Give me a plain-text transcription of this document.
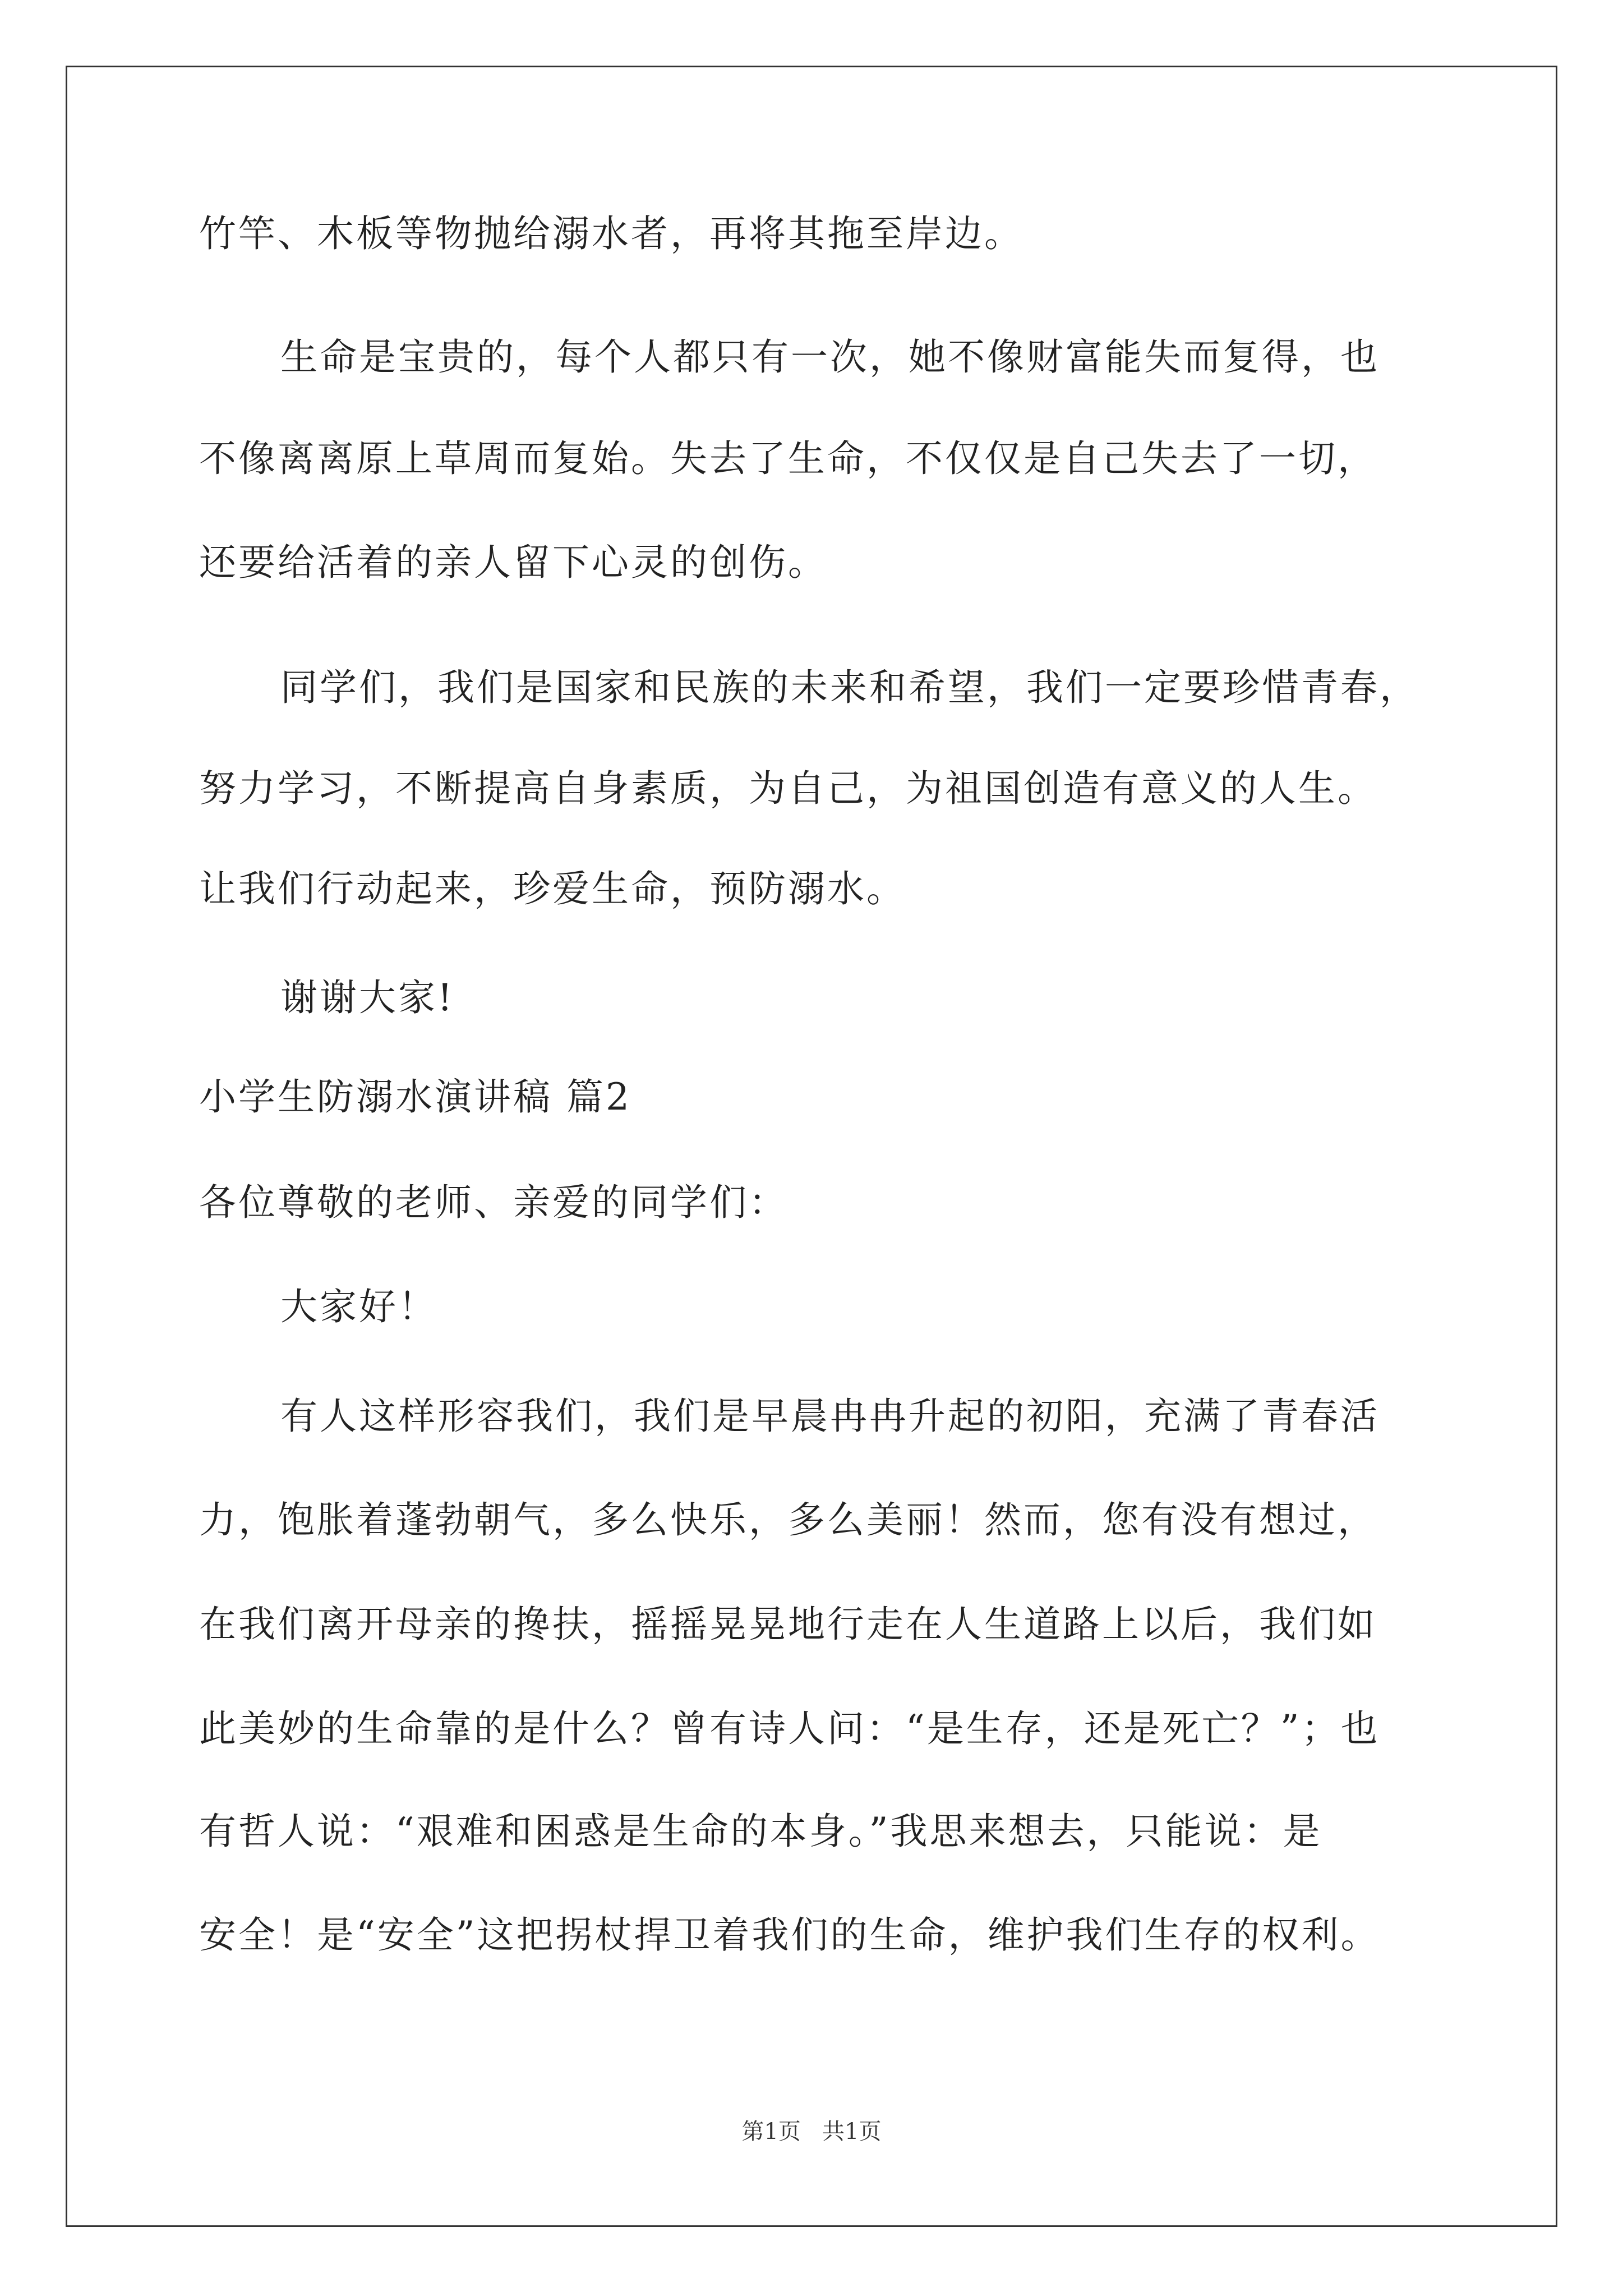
竹竿、木板等物抛给溺水者，再将其拖至岸边。
生命是宝贵的，每个人都只有一次，她不像财富能失而复得，也
不像离离原上草周而复始。失去了生命，不仅仅是自己失去了一切，
还要给活着的亲人留下心灵的创伤。
同学们，我们是国家和民族的未来和希望，我们一定要珍惜青春，
努力学习，不断提高自身素质，为自己，为祖国创造有意义的人生。
让我们行动起来，珍爱生命，预防溺水。
谢谢大家!
小学生防溺水演讲稿 篇2
各位尊敬的老师、亲爱的同学们：
大家好！
有人这样形容我们，我们是早晨冉冉升起的初阳，充满了青春活
力，饱胀着蓬勃朝气，多么快乐，多么美丽！然而，您有没有想过，
在我们离开母亲的搀扶，摇摇晃晃地行走在人生道路上以后，我们如
此美妙的生命靠的是什么？曾有诗人问：“是生存，还是死亡？”；也
有哲人说：“艰难和困惑是生命的本身。”我思来想去，只能说：是
安全！是“安全”这把拐杖捍卫着我们的生命，维护我们生存的权利。
第1页   共1页
